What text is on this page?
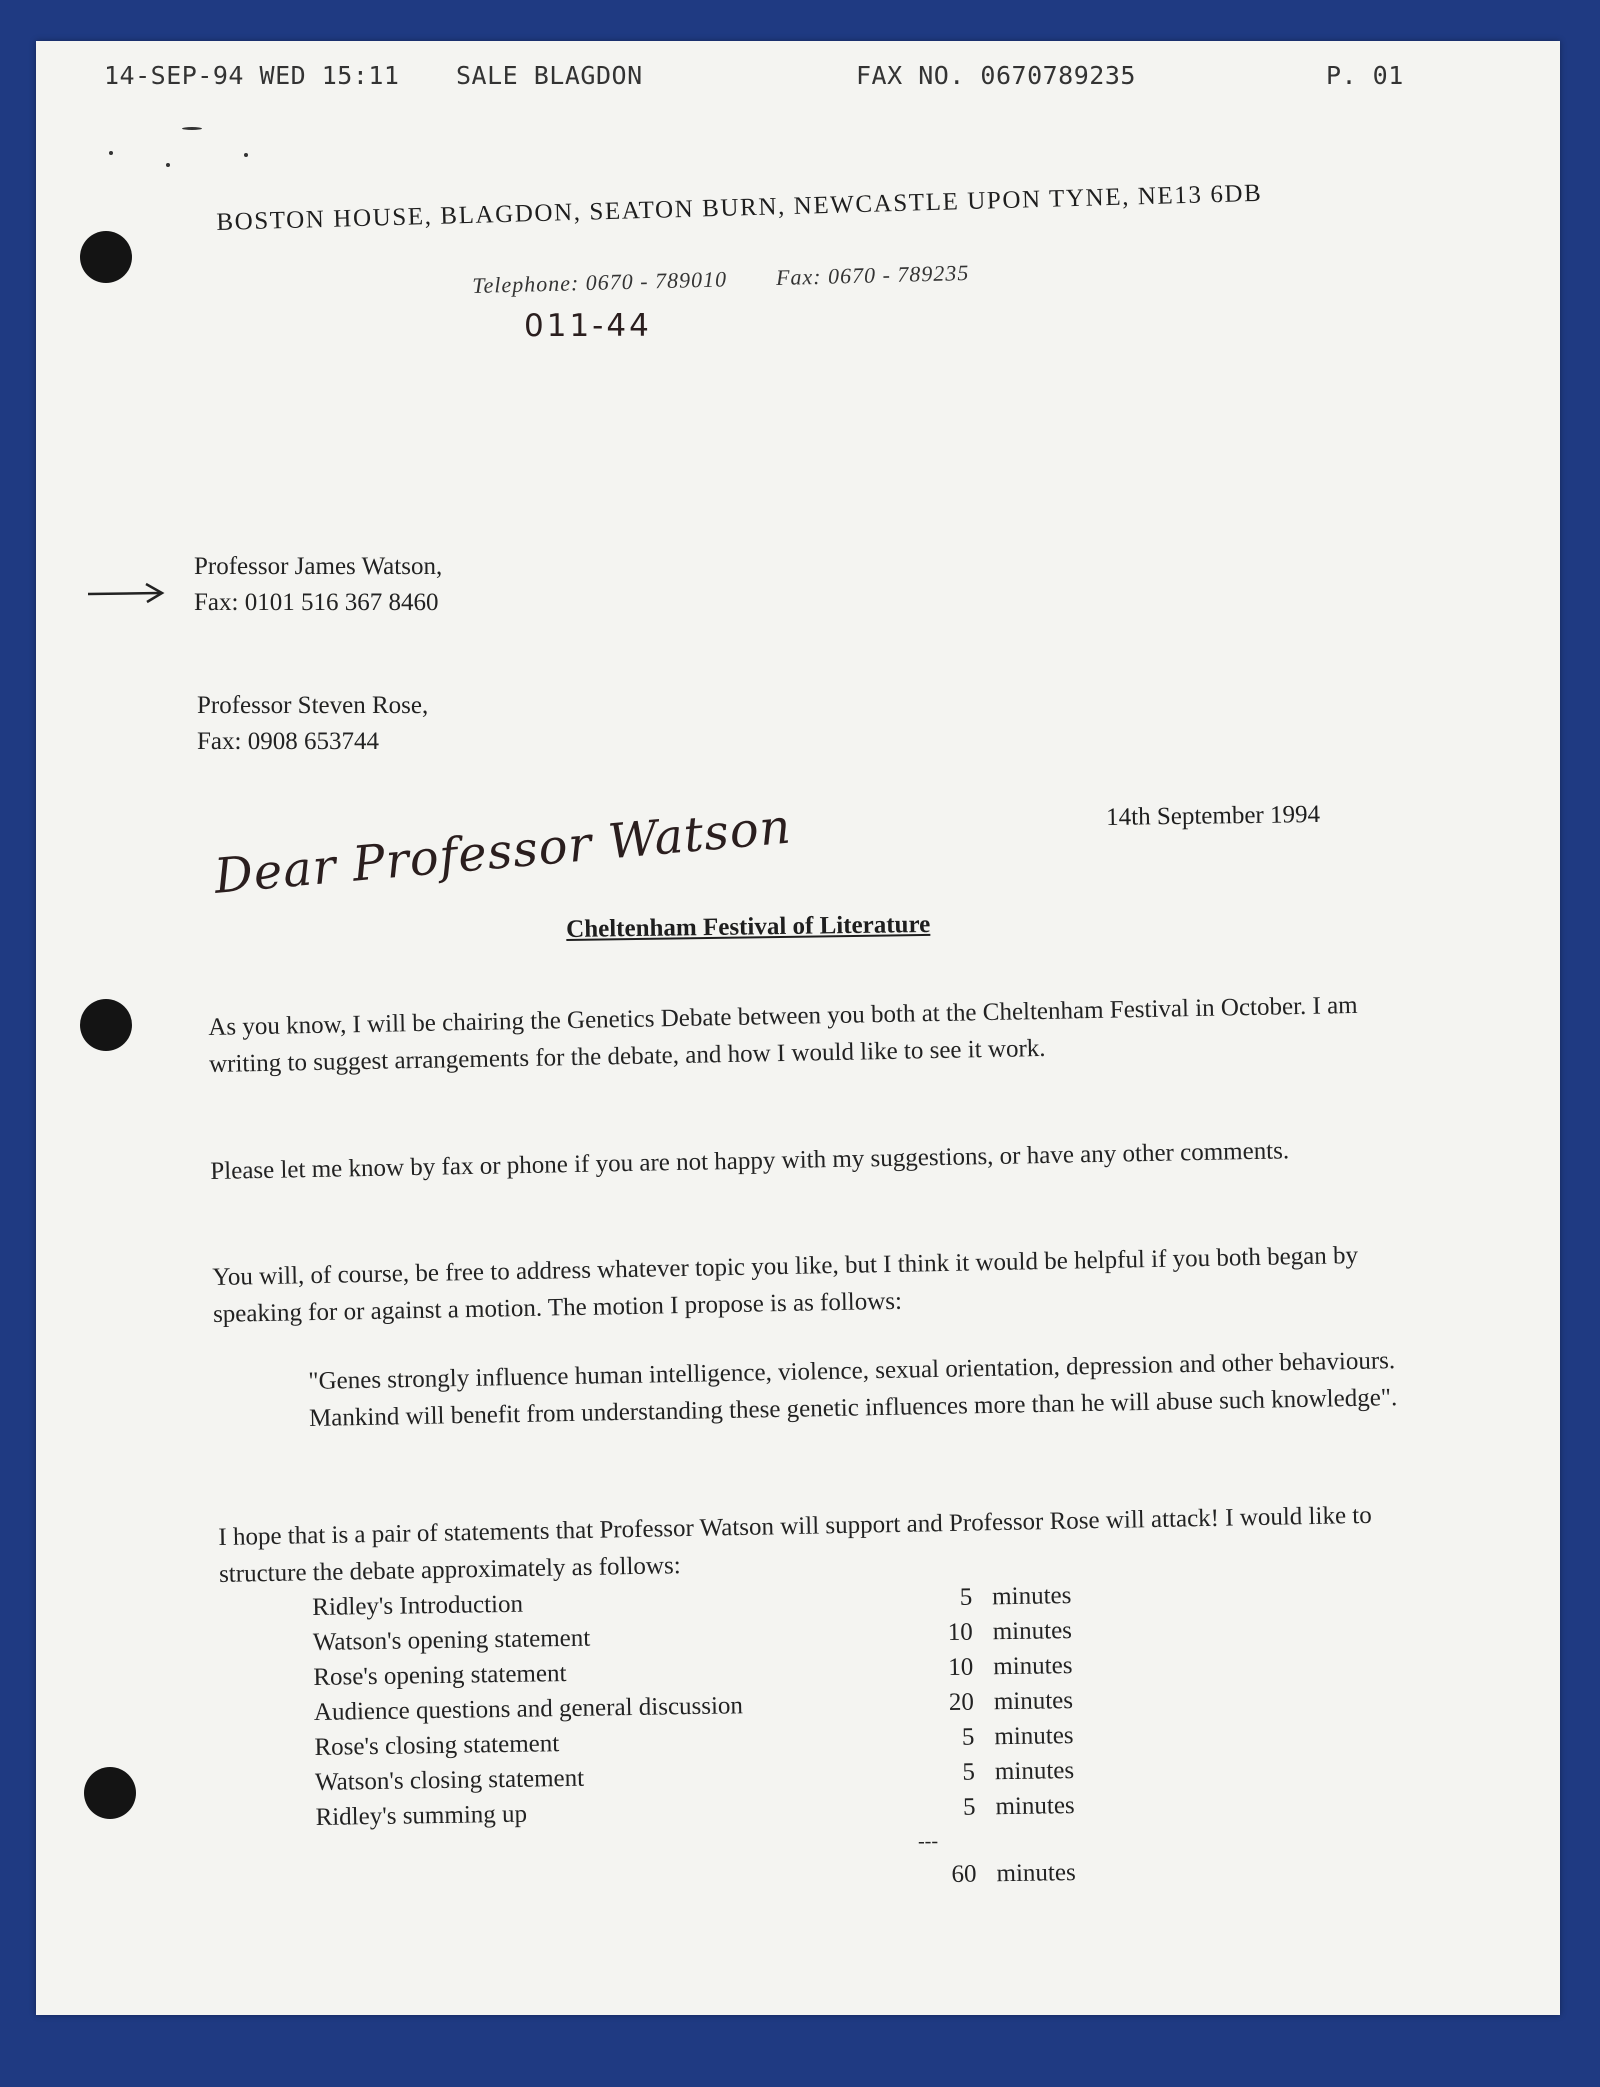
14-SEP-94 WED 15:11 SALE BLAGDON	FAX NO. 0670789235	P. 01
BOSTON HOUSE, BLAGDON, SEATON BURN, NEWCASTLE UPON TYNE, NE13 6DB
Telephone: 0670 - 789010 Fax: 0670 - 789235
011-44
Professor James Watson,
Fax: 0101 516 367 8460
Professor Steven Rose,
Fax: 0908 653744
14th September 1994
Dear Professor Watson
Cheltenham Festival of Literature
As you know, I will be chairing the Genetics Debate between you both at the Cheltenham Festival in October. I am writing to suggest arrangements for the debate, and how I would like to see it work.
Please let me know by fax or phone if you are not happy with my suggestions, or have any other comments.
You will, of course, be free to address whatever topic you like, but I think it would be helpful if you both began by speaking for or against a motion. The motion I propose is as follows:
"Genes strongly influence human intelligence, violence, sexual orientation, depression and other behaviours. Mankind will benefit from understanding these genetic influences more than he will abuse such knowledge".
I hope that is a pair of statements that Professor Watson will support and Professor Rose will attack! I would like to structure the debate approximately as follows:
Ridley's Introduction	5 minutes
Watson's opening statement	10 minutes
Rose's opening statement	10 minutes
Audience questions and general discussion	20 minutes
Rose's closing statement	5 minutes
Watson's closing statement	5 minutes
Ridley's summing up	5 minutes
---
60 minutes
